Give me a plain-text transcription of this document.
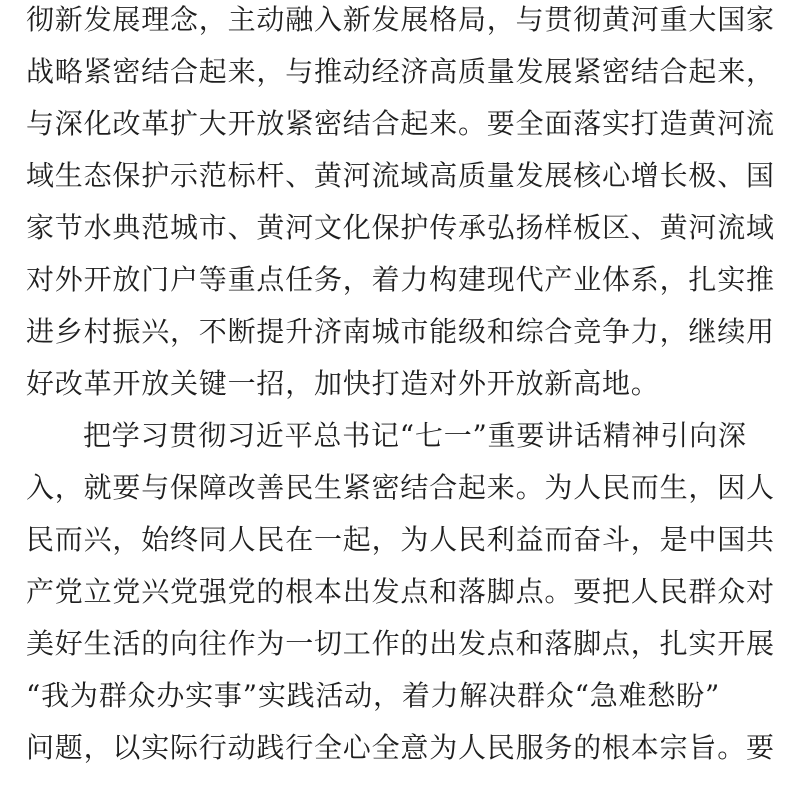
彻新发展理念，主动融入新发展格局，与贯彻黄河重大国家
战略紧密结合起来，与推动经济高质量发展紧密结合起来，
与深化改革扩大开放紧密结合起来。要全面落实打造黄河流
域生态保护示范标杆、黄河流域高质量发展核心增长极、国
家节水典范城市、黄河文化保护传承弘扬样板区、黄河流域
对外开放门户等重点任务，着力构建现代产业体系，扎实推
进乡村振兴，不断提升济南城市能级和综合竞争力，继续用
好改革开放关键一招，加快打造对外开放新高地。
把学习贯彻习近平总书记“七一”重要讲话精神引向深
入，就要与保障改善民生紧密结合起来。为人民而生，因人
民而兴，始终同人民在一起，为人民利益而奋斗，是中国共
产党立党兴党强党的根本出发点和落脚点。要把人民群众对
美好生活的向往作为一切工作的出发点和落脚点，扎实开展
“我为群众办实事”实践活动，着力解决群众“急难愁盼”
问题，以实际行动践行全心全意为人民服务的根本宗旨。要
